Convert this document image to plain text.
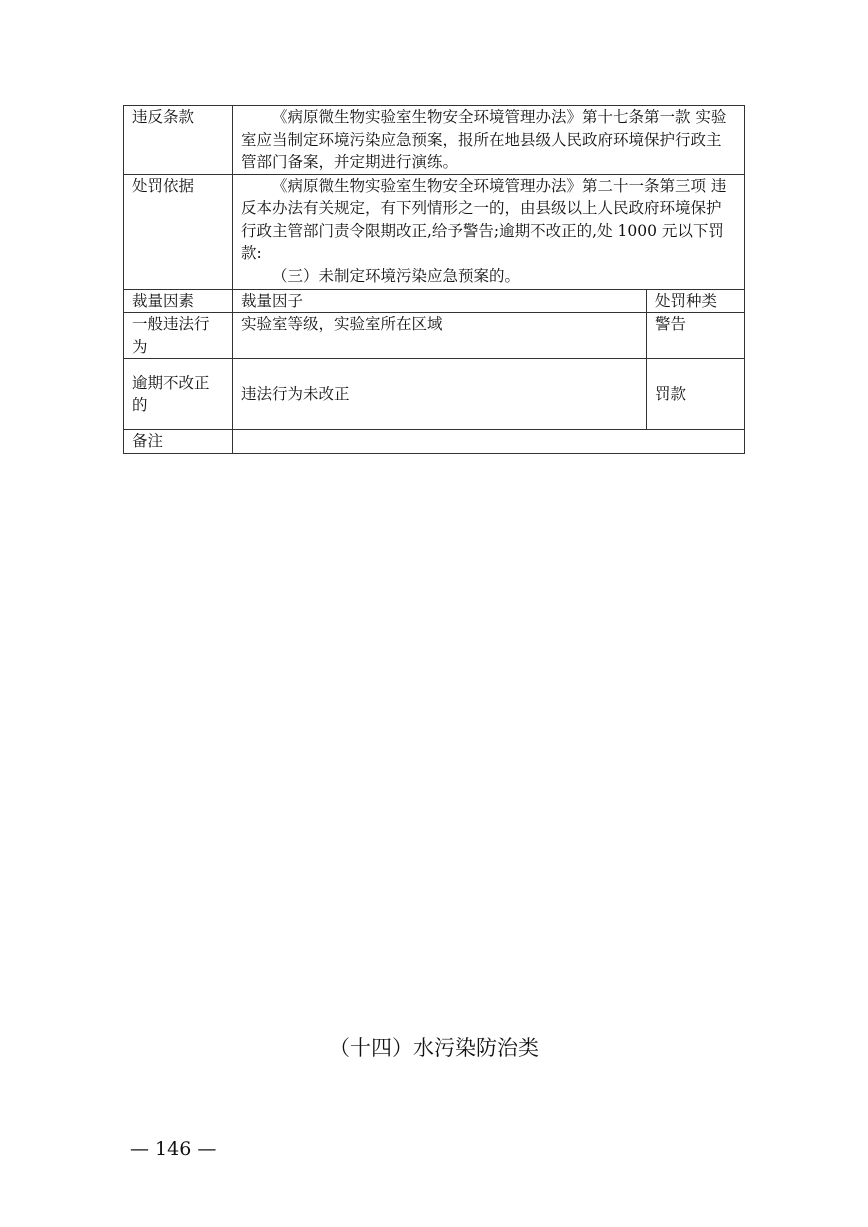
违反条款	《病原微生物实验室生物安全环境管理办法》第十七条第一款 实验室应当制定环境污染应急预案，报所在地县级人民政府环境保护行政主管部门备案，并定期进行演练。	
处罚依据	《病原微生物实验室生物安全环境管理办法》第二十一条第三项 违反本办法有关规定，有下列情形之一的，由县级以上人民政府环境保护行政主管部门责令限期改正,给予警告;逾期不改正的,处 1000 元以下罚款:
（三）未制定环境污染应急预案的。	

裁量因素	裁量因子	处罚种类
一般违法行为	实验室等级，实验室所在区域	警告
逾期不改正的	违法行为未改正	罚款
备注		
（十四）水污染防治类
— 146 —
